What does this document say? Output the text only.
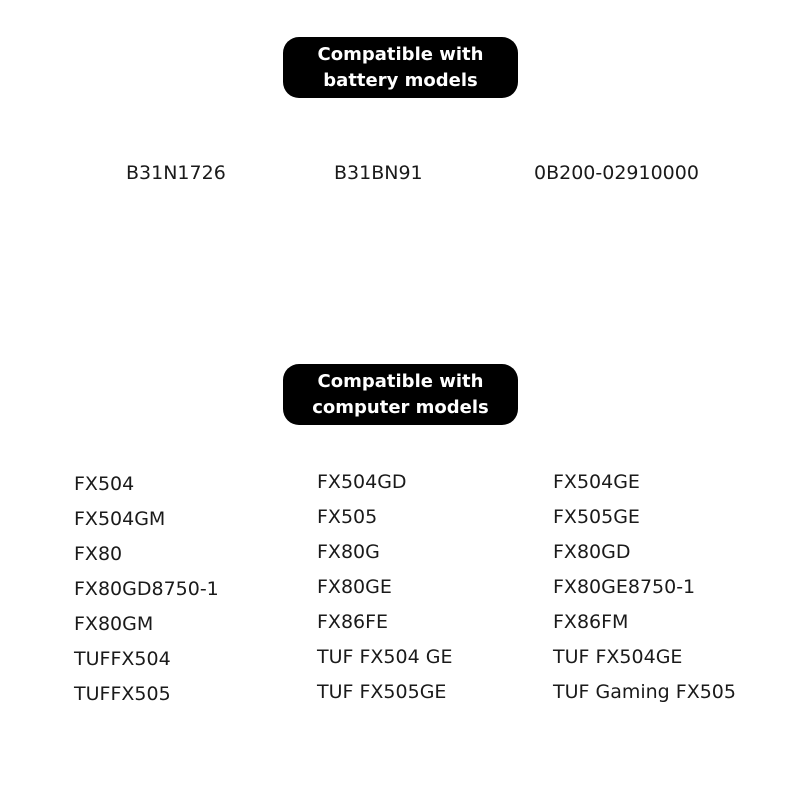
Compatible with
battery models
B31N1726	B31BN91	0B200-02910000
Compatible with
computer models
FX504
FX504GM
FX80
FX80GD8750-1
FX80GM
TUFFX504
TUFFX505
FX504GD
FX505
FX80G
FX80GE
FX86FE
TUF FX504 GE
TUF FX505GE
FX504GE
FX505GE
FX80GD
FX80GE8750-1
FX86FM
TUF FX504GE
TUF Gaming FX505
